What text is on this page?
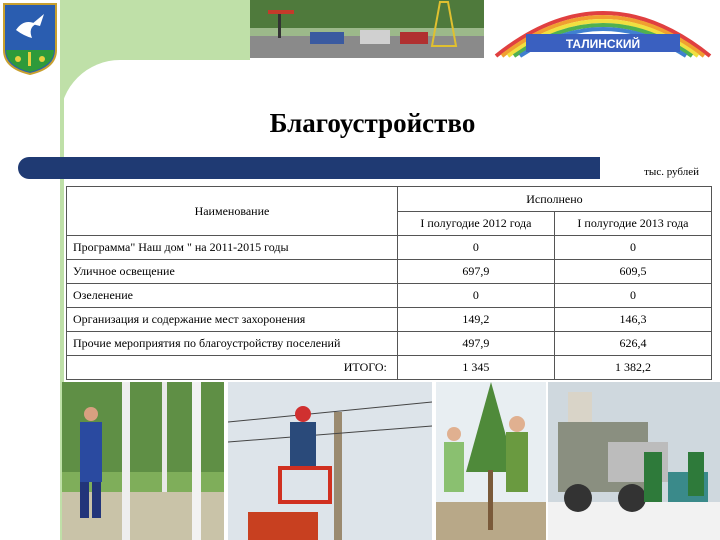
ТАЛИНСКИЙ
Благоустройство
тыс. рублей
Наименование	Исполнено	
	I полугодие 2012 года	I полугодие 2013 года
Программа" Наш дом " на 2011-2015 годы	0	0
Уличное освещение	697,9	609,5
Озеленение	0	0
Организация и содержание мест захоронения	149,2	146,3
Прочие мероприятия по благоустройству поселений	497,9	626,4
ИТОГО:	1 345	1 382,2
